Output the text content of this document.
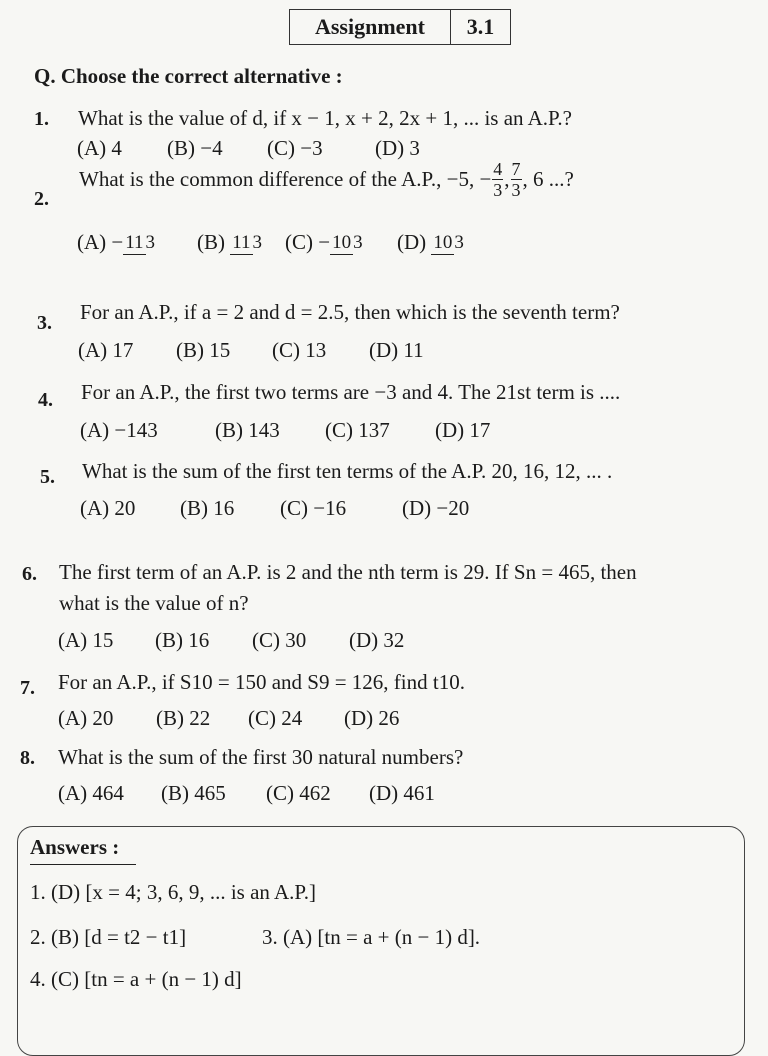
Assignment	3.1
Q. Choose the correct alternative :
1. What is the value of d, if x − 1, x + 2, 2x + 1, ... is an A.P.?
(A) 4 (B) −4 (C) −3 (D) 3
2.
What is the common difference of the A.P., −5, − $\frac{4}{3}$ , $\frac{7}{3}$ , 6 ...?
(A) − 11 3 (B) 11 3 (C) − 10 3 (D) 10 3
3. For an A.P., if a = 2 and d = 2.5, then which is the seventh term?
(A) 17 (B) 15 (C) 13 (D) 11
4. For an A.P., the first two terms are −3 and 4. The 21st term is ....
(A) −143	(B) 143 (C) 137 (D) 17
5. What is the sum of the first ten terms of the A.P. 20, 16, 12, ... .
(A) 20 (B) 16 (C) −16	(D) −20
6. The first term of an A.P. is 2 and the nth term is 29. If Sn = 465, then
what is the value of n?
(A) 15 (B) 16 (C) 30 (D) 32
7. For an A.P., if S10 = 150 and S9 = 126, find t10.
(A) 20 (B) 22 (C) 24 (D) 26
8. What is the sum of the first 30 natural numbers?
(A) 464 (B) 465 (C) 462 (D) 461
Answers :
1. (D) [x = 4; 3, 6, 9, ... is an A.P.]
2. (B) [d = t2 − t1]	3. (A) [tn = a + (n − 1) d].
4. (C) [tn = a + (n − 1) d]
